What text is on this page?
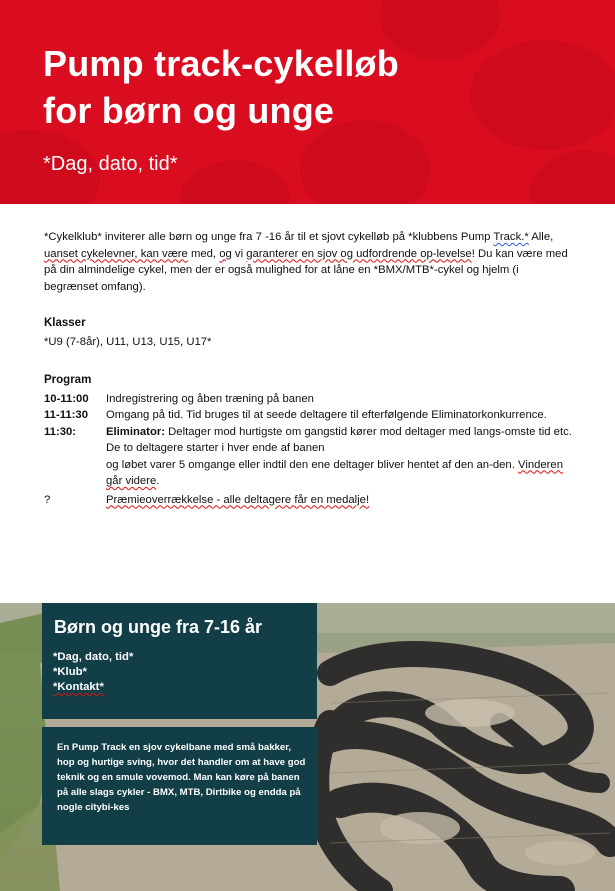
Pump track-cykelløb
for børn og unge
*Dag, dato, tid*

*Cykelklub* inviterer alle børn og unge fra 7 -16 år til et sjovt cykelløb på *klubbens Pump Track.* Alle, uanset cykelevner, kan være med, og vi garanterer en sjov og udfordrende op-levelse! Du kan være med på din almindelige cykel, men der er også mulighed for at låne en *BMX/MTB*-cykel og hjelm (i begrænset omfang).

Klasser

*U9 (7-8år), U11, U13, U15, U17*

Program

10-11:00	Indregistrering og åben træning på banen
11-11:30	Omgang på tid. Tid bruges til at seede deltagere til efterfølgende Eliminatorkonkurrence.
11:30:	Eliminator: Deltager mod hurtigste om gangstid kører mod deltager med langs-omste tid etc. De to deltagere starter i hver ende af banen
og løbet varer 5 omgange eller indtil den ene deltager bliver hentet af den an-den. Vinderen går videre.
?	Præmieoverrækkelse - alle deltagere får en medalje!
Børn og unge fra 7-16 år
*Dag, dato, tid*
*Klub*
*Kontakt*
En Pump Track en sjov cykelbane med små bakker, hop og hurtige sving, hvor det handler om at have god teknik og en smule vovemod. Man kan køre på banen på alle slags cykler - BMX, MTB, Dirtbike og endda på nogle citybi-kes
